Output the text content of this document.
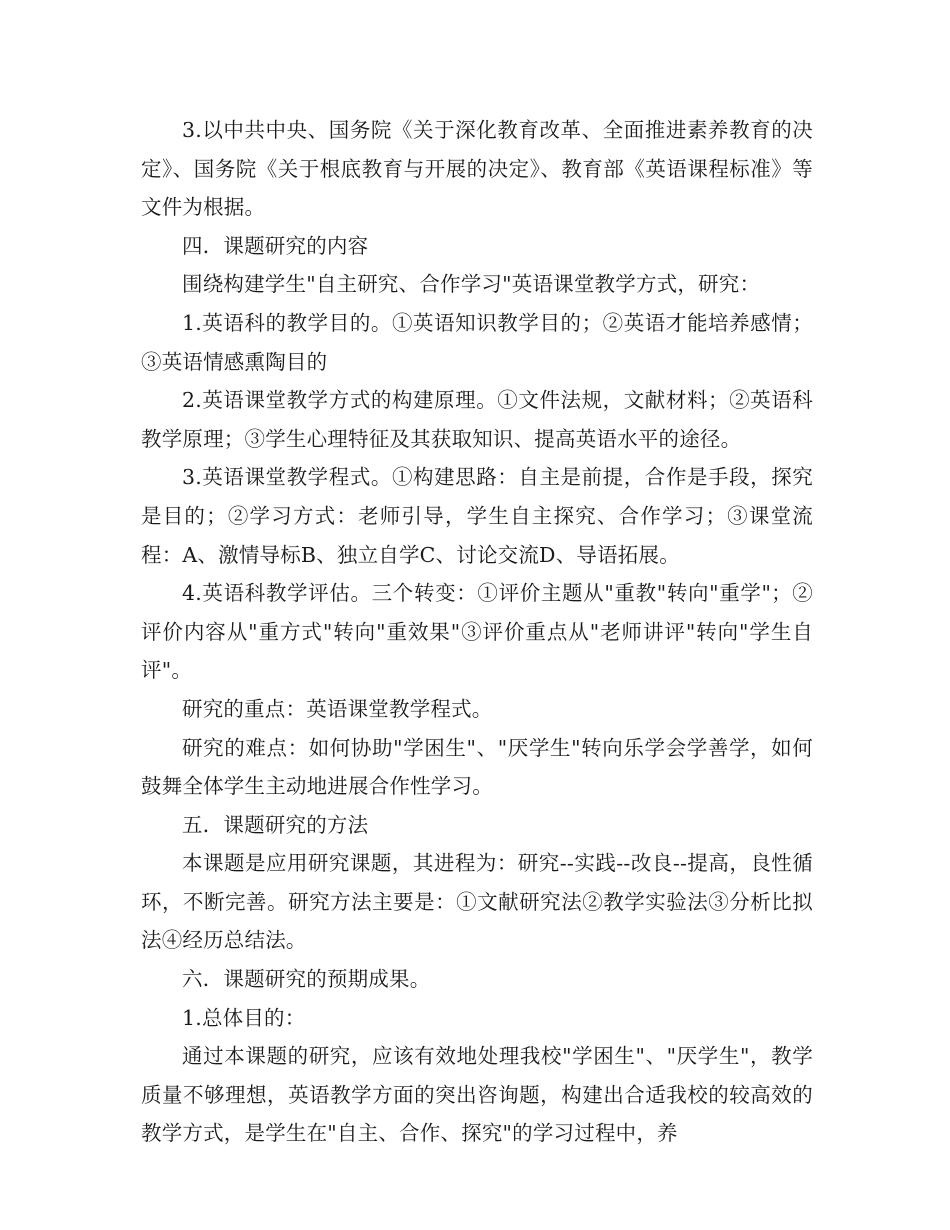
3.以中共中央、国务院《关于深化教育改革、全面推进素养教育的决定》、国务院《关于根底教育与开展的决定》、教育部《英语课程标准》等文件为根据。

四．课题研究的内容

围绕构建学生"自主研究、合作学习"英语课堂教学方式，研究：

1.英语科的教学目的。①英语知识教学目的；②英语才能培养感情；③英语情感熏陶目的

2.英语课堂教学方式的构建原理。①文件法规，文献材料；②英语科教学原理；③学生心理特征及其获取知识、提高英语水平的途径。

3.英语课堂教学程式。①构建思路：自主是前提，合作是手段，探究是目的；②学习方式：老师引导，学生自主探究、合作学习；③课堂流程：A、激情导标B、独立自学C、讨论交流D、导语拓展。

4.英语科教学评估。三个转变：①评价主题从"重教"转向"重学"；②评价内容从"重方式"转向"重效果"③评价重点从"老师讲评"转向"学生自评"。

研究的重点：英语课堂教学程式。

研究的难点：如何协助"学困生"、"厌学生"转向乐学会学善学，如何鼓舞全体学生主动地进展合作性学习。

五．课题研究的方法

本课题是应用研究课题，其进程为：研究--实践--改良--提高，良性循环，不断完善。研究方法主要是：①文献研究法②教学实验法③分析比拟法④经历总结法。

六．课题研究的预期成果。

1.总体目的：

通过本课题的研究，应该有效地处理我校"学困生"、"厌学生"，教学质量不够理想，英语教学方面的突出咨询题，构建出合适我校的较高效的教学方式，是学生在"自主、合作、探究"的学习过程中，养
